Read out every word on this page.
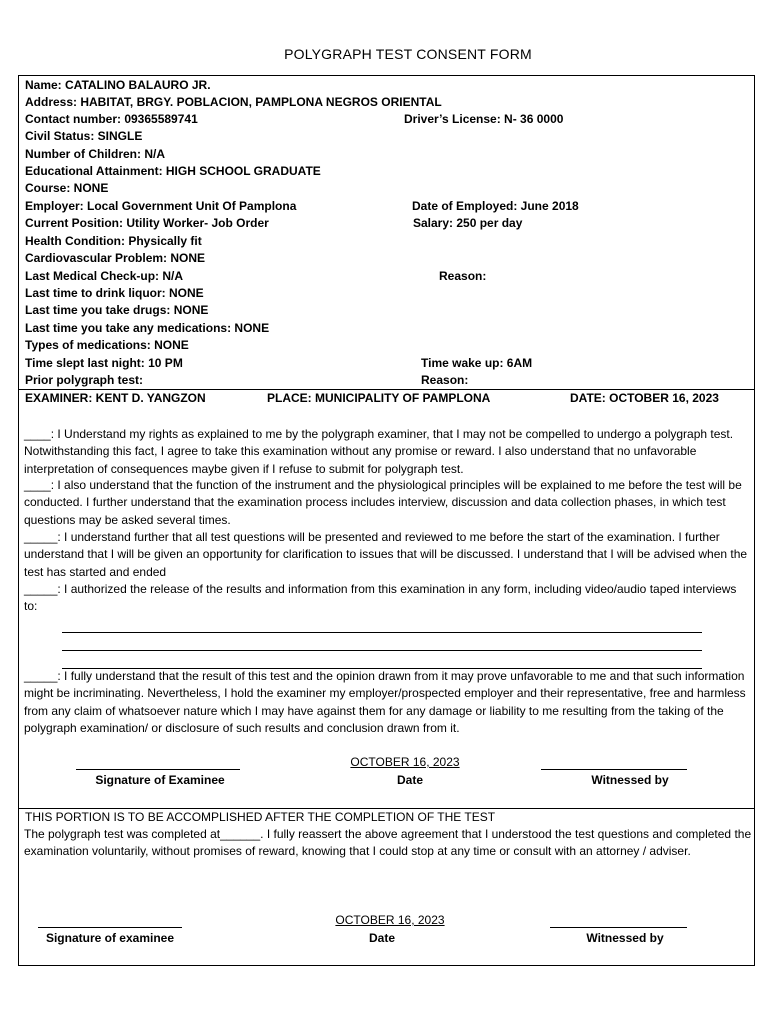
POLYGRAPH TEST CONSENT FORM
Name: CATALINO BALAURO JR.
Address: HABITAT, BRGY. POBLACION, PAMPLONA NEGROS ORIENTAL
Contact number: 09365589741	Driver’s License: N- 36 0000
Civil Status: SINGLE
Number of Children: N/A
Educational Attainment: HIGH SCHOOL GRADUATE
Course: NONE
Employer: Local Government Unit Of Pamplona	Date of Employed: June 2018
Current Position: Utility Worker- Job Order	Salary: 250 per day
Health Condition: Physically fit
Cardiovascular Problem: NONE
Last Medical Check-up: N/A	Reason:
Last time to drink liquor: NONE
Last time you take drugs: NONE
Last time you take any medications: NONE
Types of medications: NONE
Time slept last night: 10 PM	Time wake up: 6AM
Prior polygraph test:	Reason:
EXAMINER: KENT D. YANGZON	PLACE: MUNICIPALITY OF PAMPLONA	DATE: OCTOBER 16, 2023
____: I Understand my rights as explained to me by the polygraph examiner, that I may not be compelled to undergo a polygraph test. Notwithstanding this fact, I agree to take this examination without any promise or reward. I also understand that no unfavorable interpretation of consequences maybe given if I refuse to submit for polygraph test.
____: I also understand that the function of the instrument and the physiological principles will be explained to me before the test will be conducted. I further understand that the examination process includes interview, discussion and data collection phases, in which test questions may be asked several times.
_____: I understand further that all test questions will be presented and reviewed to me before the start of the examination. I further understand that I will be given an opportunity for clarification to issues that will be discussed. I understand that I will be advised when the test has started and ended
_____: I authorized the release of the results and information from this examination in any form, including video/audio taped interviews to:
_____: I fully understand that the result of this test and the opinion drawn from it may prove unfavorable to me and that such information might be incriminating. Nevertheless, I hold the examiner my employer/prospected employer and their representative, free and harmless from any claim of whatsoever nature which I may have against them for any damage or liability to me resulting from the taking of the polygraph examination/ or disclosure of such results and conclusion drawn from it.
OCTOBER 16, 2023
Signature of Examinee	Date	Witnessed by
THIS PORTION IS TO BE ACCOMPLISHED AFTER THE COMPLETION OF THE TEST
The polygraph test was completed at______. I fully reassert the above agreement that I understood the test questions and completed the examination voluntarily, without promises of reward, knowing that I could stop at any time or consult with an attorney / adviser.
OCTOBER 16, 2023
Signature of examinee	Date	Witnessed by
